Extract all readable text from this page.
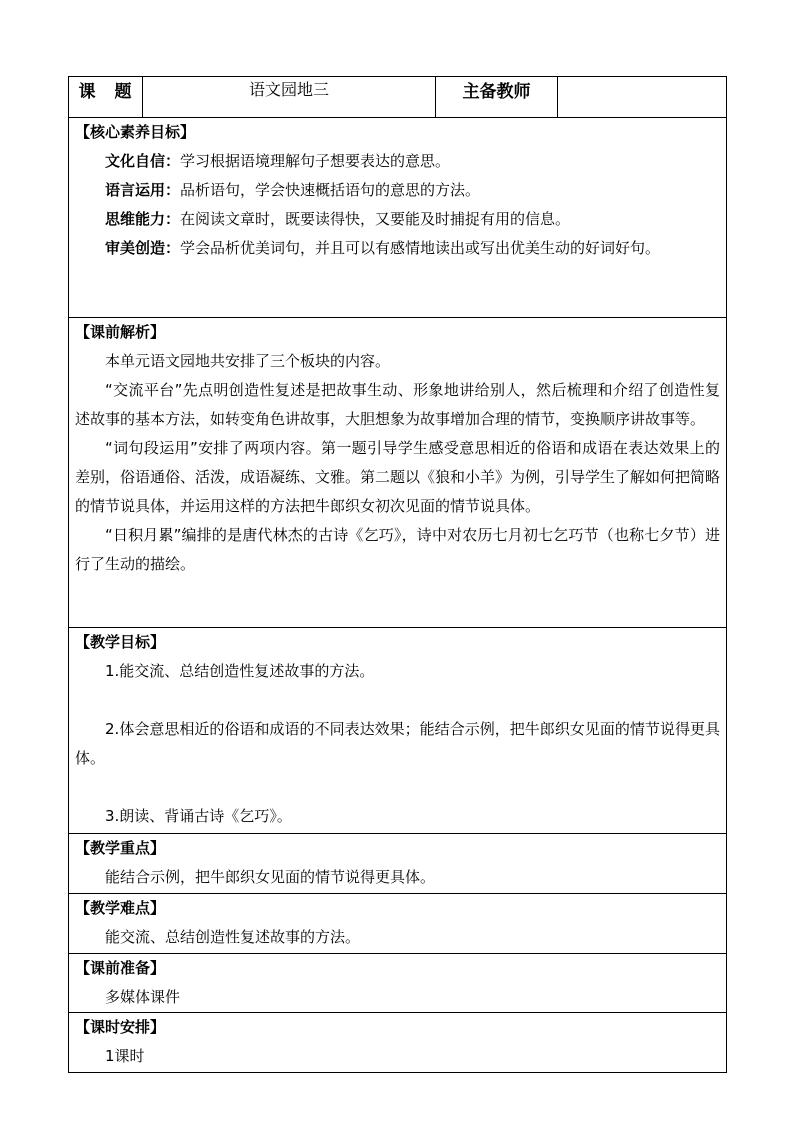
课　题	语文园地三	主备教师	

【核心素养目标】
文化自信：学习根据语境理解句子想要表达的意思。
语言运用：品析语句，学会快速概括语句的意思的方法。
思维能力：在阅读文章时，既要读得快，又要能及时捕捉有用的信息。
审美创造：学会品析优美词句，并且可以有感情地读出或写出优美生动的好词好句。

【课前解析】
本单元语文园地共安排了三个板块的内容。
“交流平台”先点明创造性复述是把故事生动、形象地讲给别人，然后梳理和介绍了创造性复述故事的基本方法，如转变角色讲故事，大胆想象为故事增加合理的情节，变换顺序讲故事等。
“词句段运用”安排了两项内容。第一题引导学生感受意思相近的俗语和成语在表达效果上的差别，俗语通俗、活泼，成语凝练、文雅。第二题以《狼和小羊》为例，引导学生了解如何把简略的情节说具体，并运用这样的方法把牛郎织女初次见面的情节说具体。
“日积月累”编排的是唐代林杰的古诗《乞巧》，诗中对农历七月初七乞巧节（也称七夕节）进行了生动的描绘。

【教学目标】
1.能交流、总结创造性复述故事的方法。
2.体会意思相近的俗语和成语的不同表达效果；能结合示例，把牛郎织女见面的情节说得更具体。
3.朗读、背诵古诗《乞巧》。

【教学重点】
能结合示例，把牛郎织女见面的情节说得更具体。

【教学难点】
能交流、总结创造性复述故事的方法。

【课前准备】
多媒体课件

【课时安排】
1课时
